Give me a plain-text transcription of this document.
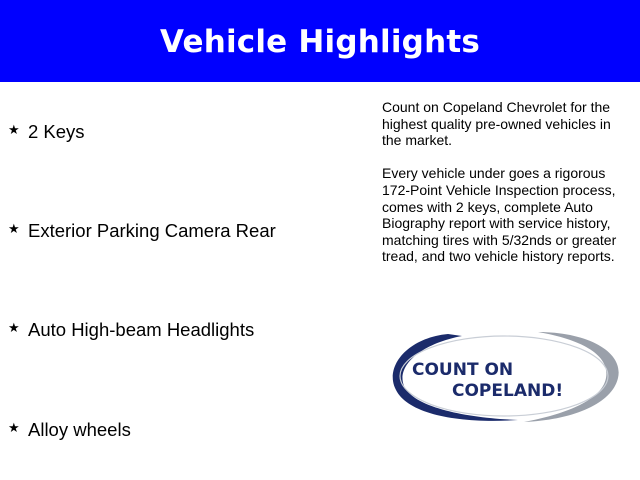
Vehicle Highlights
★ 2 Keys
★ Exterior Parking Camera Rear
★ Auto High-beam Headlights
★ Alloy wheels

Count on Copeland Chevrolet for the highest quality pre-owned vehicles in the market.

Every vehicle under goes a rigorous 172-Point Vehicle Inspection process, comes with 2 keys, complete Auto Biography report with service history, matching tires with 5/32nds or greater tread, and two vehicle history reports.

COUNT ON
COPELAND!
